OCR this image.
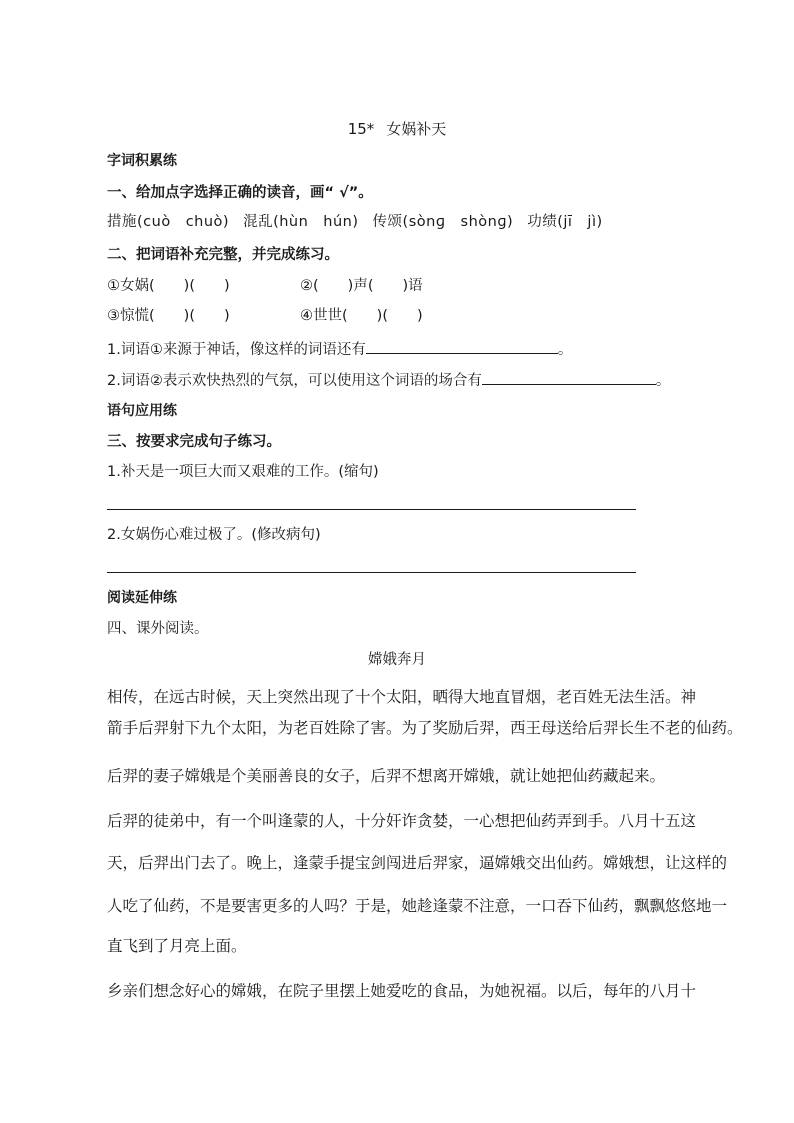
15* 女娲补天
字词积累练
一、给加点字选择正确的读音，画“ √”。
措施(cuò　chuò) 混乱(hùn　hún) 传颂(sònɡ　shònɡ) 功绩(jī　jì)
二、把词语补充完整，并完成练习。
①女娲(　　)(　　)	②(　　)声(　　)语
③惊慌(　　)(　　)	④世世(　　)(　　)
1.词语①来源于神话，像这样的词语还有	。
2.词语②表示欢快热烈的气氛，可以使用这个词语的场合有	。
语句应用练
三、按要求完成句子练习。
1.补天是一项巨大而又艰难的工作。(缩句)
2.女娲伤心难过极了。(修改病句)
阅读延伸练
四、课外阅读。
嫦娥奔月
相传，在远古时候，天上突然出现了十个太阳，晒得大地直冒烟，老百姓无法生活。神
箭手后羿射下九个太阳，为老百姓除了害。为了奖励后羿，西王母送给后羿长生不老的仙药。
后羿的妻子嫦娥是个美丽善良的女子，后羿不想离开嫦娥，就让她把仙药藏起来。
后羿的徒弟中，有一个叫逢蒙的人，十分奸诈贪婪，一心想把仙药弄到手。八月十五这
天，后羿出门去了。晚上，逢蒙手提宝剑闯进后羿家，逼嫦娥交出仙药。嫦娥想，让这样的
人吃了仙药，不是要害更多的人吗？于是，她趁逢蒙不注意，一口吞下仙药，飘飘悠悠地一
直飞到了月亮上面。
乡亲们想念好心的嫦娥，在院子里摆上她爱吃的食品，为她祝福。以后，每年的八月十
